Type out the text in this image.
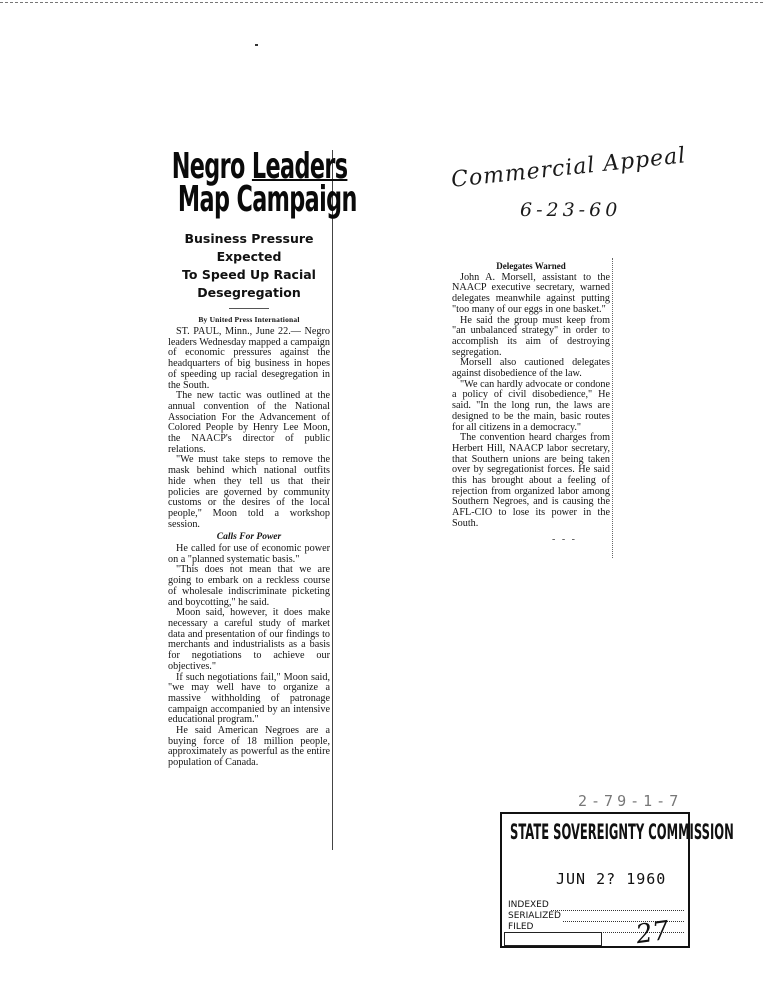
Negro Leaders
Map Campaign
Business Pressure Expected
To Speed Up Racial
Desegregation
By United Press International

ST. PAUL, Minn., June 22.— Negro leaders Wednesday mapped a campaign of economic pressures against the headquarters of big business in hopes of speeding up racial desegregation in the South.

The new tactic was outlined at the annual convention of the National Association For the Advancement of Colored People by Henry Lee Moon, the NAACP's director of public relations.

"We must take steps to remove the mask behind which national outfits hide when they tell us that their policies are governed by community customs or the desires of the local people," Moon told a workshop session.

Calls For Power

He called for use of economic power on a "planned systematic basis."

"This does not mean that we are going to embark on a reckless course of wholesale indiscriminate picketing and boycotting," he said.

Moon said, however, it does make necessary a careful study of market data and presentation of our findings to merchants and industrialists as a basis for negotiations to achieve our objectives."

If such negotiations fail," Moon said, "we may well have to organize a massive withholding of patronage campaign accompanied by an intensive educational program."

He said American Negroes are a buying force of 18 million people, approximately as powerful as the entire population of Canada.

Commercial Appeal
6-23-60
Delegates Warned

John A. Morsell, assistant to the NAACP executive secretary, warned delegates meanwhile against putting "too many of our eggs in one basket."

He said the group must keep from "an unbalanced strategy" in order to accomplish its aim of destroying segregation.

Morsell also cautioned delegates against disobedience of the law.

"We can hardly advocate or condone a policy of civil disobedience," He said. "In the long run, the laws are designed to be the main, basic routes for all citizens in a democracy."

The convention heard charges from Herbert Hill, NAACP labor secretary, that Southern unions are being taken over by segregationist forces. He said this has brought about a feeling of rejection from organized labor among Southern Negroes, and is causing the AFL-CIO to lose its power in the South.

- - -
2-79-1-7
STATE SOVEREIGNTY COMMISSION
JUN 2? 1960
INDEXED
SERIALIZED
FILED	27
